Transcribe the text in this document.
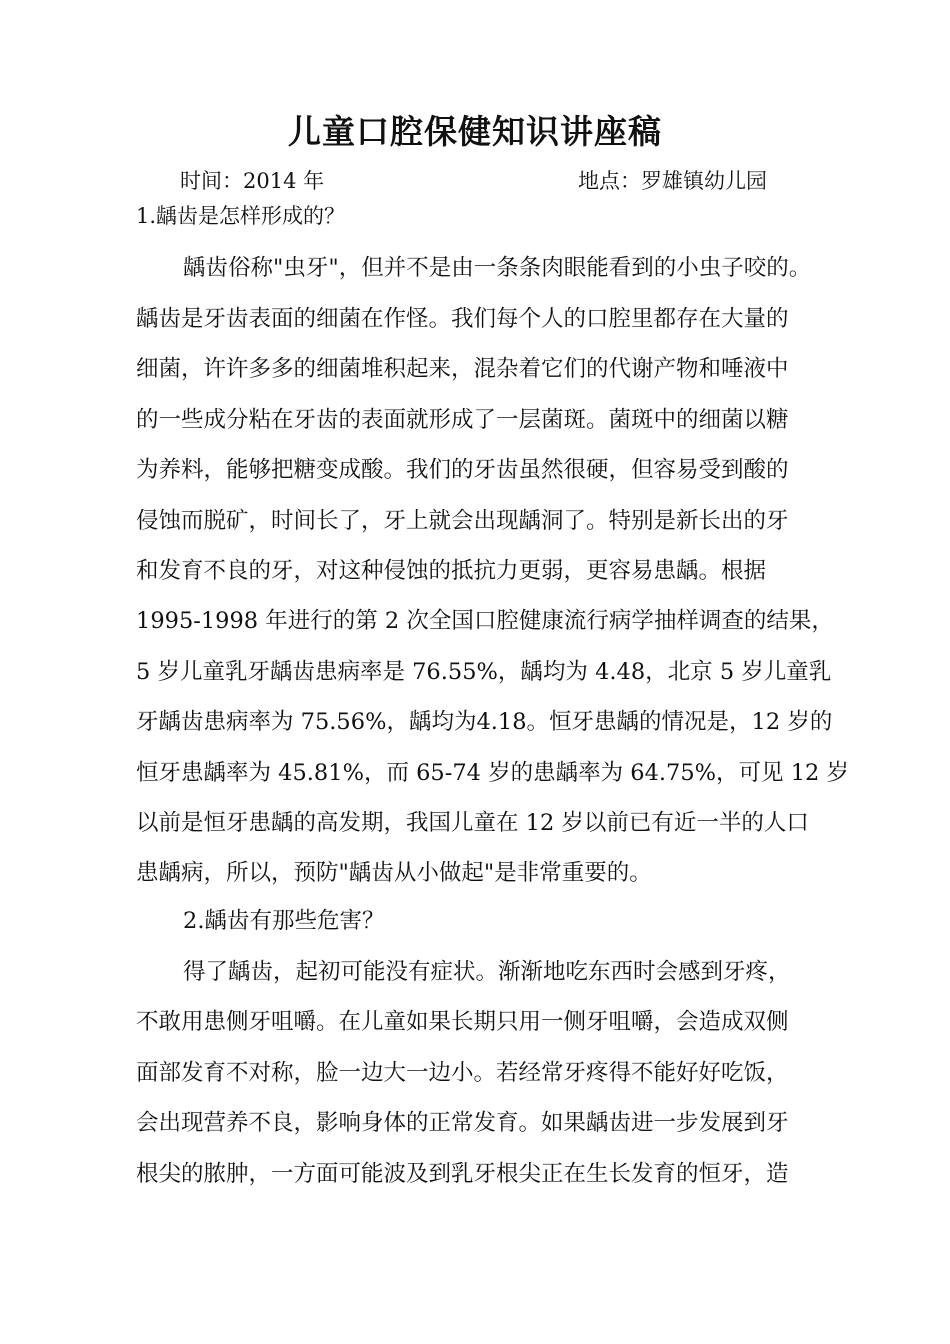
儿童口腔保健知识讲座稿
时间：2014 年	地点：罗雄镇幼儿园
1.龋齿是怎样形成的？
龋齿俗称"虫牙"，但并不是由一条条肉眼能看到的小虫子咬的。
龋齿是牙齿表面的细菌在作怪。我们每个人的口腔里都存在大量的
细菌，许许多多的细菌堆积起来，混杂着它们的代谢产物和唾液中
的一些成分粘在牙齿的表面就形成了一层菌斑。菌斑中的细菌以糖
为养料，能够把糖变成酸。我们的牙齿虽然很硬，但容易受到酸的
侵蚀而脱矿，时间长了，牙上就会出现龋洞了。特别是新长出的牙
和发育不良的牙，对这种侵蚀的抵抗力更弱，更容易患龋。根据
1995-1998 年进行的第 2 次全国口腔健康流行病学抽样调查的结果，
5 岁儿童乳牙龋齿患病率是 76.55%，龋均为 4.48，北京 5 岁儿童乳
牙龋齿患病率为 75.56%，龋均为4.18。恒牙患龋的情况是，12 岁的
恒牙患龋率为 45.81%，而 65-74 岁的患龋率为 64.75%，可见 12 岁
以前是恒牙患龋的高发期，我国儿童在 12 岁以前已有近一半的人口
患龋病，所以，预防"龋齿从小做起"是非常重要的。
2.龋齿有那些危害？
得了龋齿，起初可能没有症状。渐渐地吃东西时会感到牙疼，
不敢用患侧牙咀嚼。在儿童如果长期只用一侧牙咀嚼，会造成双侧
面部发育不对称，脸一边大一边小。若经常牙疼得不能好好吃饭，
会出现营养不良，影响身体的正常发育。如果龋齿进一步发展到牙
根尖的脓肿，一方面可能波及到乳牙根尖正在生长发育的恒牙，造
